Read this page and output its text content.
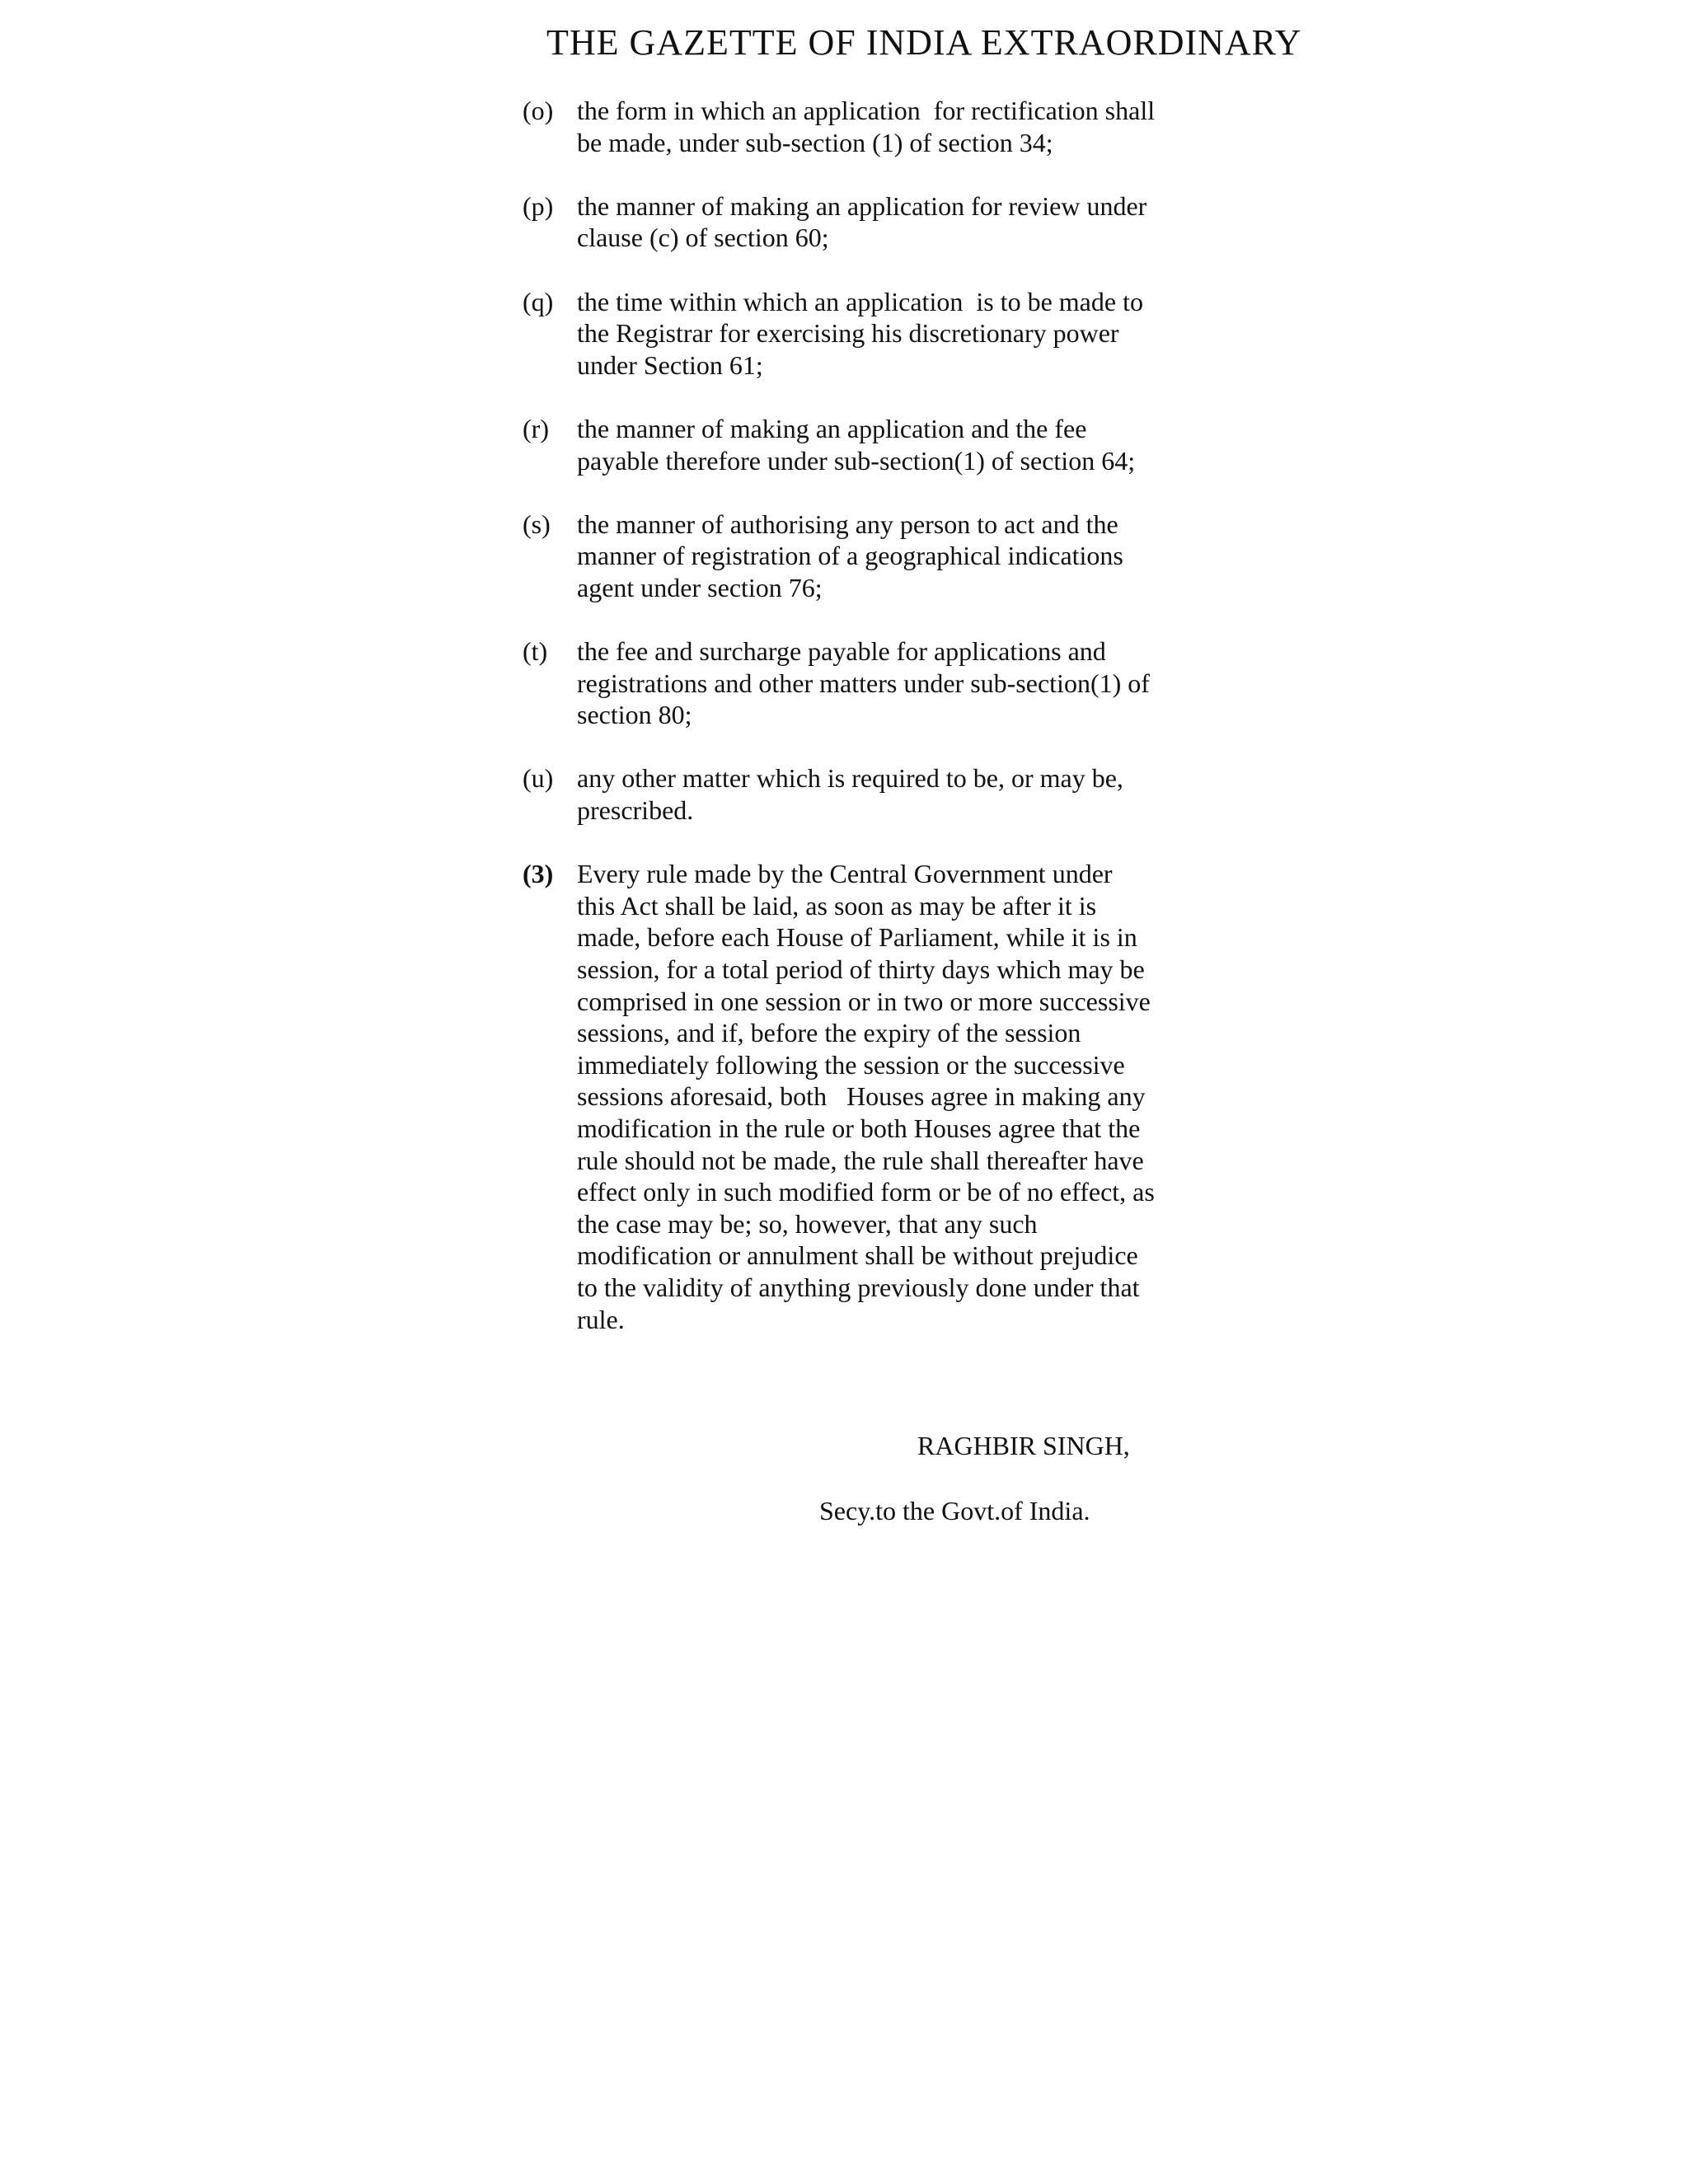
THE GAZETTE OF INDIA EXTRAORDINARY
(o) the form in which an application  for rectification shall
be made, under sub-section (1) of section 34;
(p) the manner of making an application for review under
clause (c) of section 60;
(q) the time within which an application  is to be made to
the Registrar for exercising his discretionary power
under Section 61;
(r)	the manner of making an application and the fee
payable therefore under sub-section(1) of section 64;
(s)	the manner of authorising any person to act and the
manner of registration of a geographical indications
agent under section 76;
(t)	the fee and surcharge payable for applications and
registrations and other matters under sub-section(1) of
section 80;
(u) any other matter which is required to be, or may be,
prescribed.
(3) Every rule made by the Central Government under
this Act shall be laid, as soon as may be after it is
made, before each House of Parliament, while it is in
session, for a total period of thirty days which may be
comprised in one session or in two or more successive
sessions, and if, before the expiry of the session
immediately following the session or the successive
sessions aforesaid, both   Houses agree in making any
modification in the rule or both Houses agree that the
rule should not be made, the rule shall thereafter have
effect only in such modified form or be of no effect, as
the case may be; so, however, that any such
modification or annulment shall be without prejudice
to the validity of anything previously done under that
rule.
RAGHBIR SINGH,
Secy.to the Govt.of India.
